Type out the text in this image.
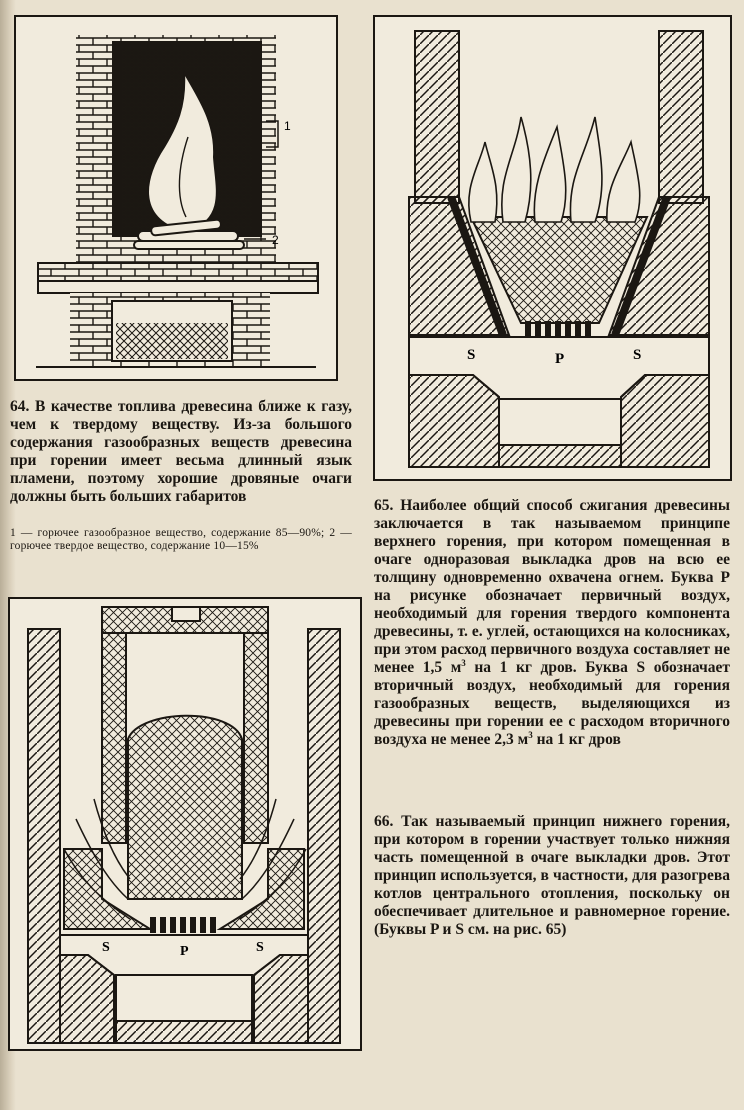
1
2
64. В качестве топлива древесина ближе к газу, чем к твердому веществу. Из-за большого содержания газообразных веществ древесина при горении имеет весьма длинный язык пламени, поэтому хорошие дровяные очаги должны быть больших габаритов
1 — горючее газообразное вещество, содержание 85—90%; 2 — горючее твердое вещество, содержание 10—15%
S	P	S
65. Наиболее общий способ сжигания древесины заключается в так называемом принципе верхнего горения, при котором помещенная в очаге одноразовая выкладка дров на всю ее толщину одновременно охвачена огнем. Буква P на рисунке обозначает первичный воздух, необходимый для горения твердого компонента древесины, т. е. углей, остающихся на колосниках, при этом расход первичного воздуха составляет не менее 1,5 $м^3$ на 1 кг дров. Буква S обозначает вторичный воздух, необходимый для горения газообразных веществ, выделяющихся из древесины при горении ее с расходом вторичного воздуха не менее 2,3 $м^3$ на 1 кг дров
S	P	S
66. Так называемый принцип нижнего горения, при котором в горении участвует только нижняя часть помещенной в очаге выкладки дров. Этот принцип используется, в частности, для разогрева котлов центрального отопления, поскольку он обеспечивает длительное и равномерное горение. (Буквы P и S см. на рис. 65)
